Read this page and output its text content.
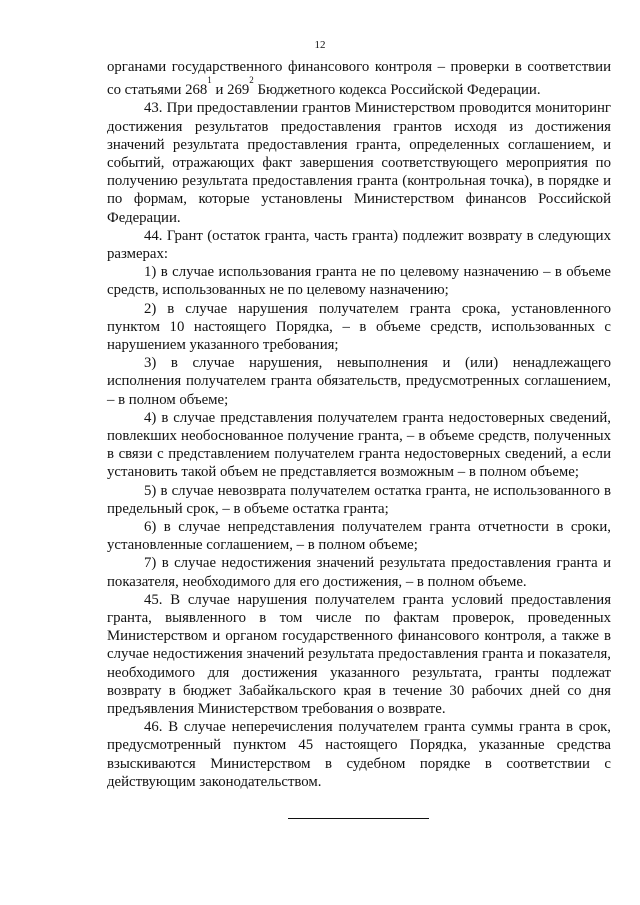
12

органами государственного финансового контроля – проверки в соответствии со статьями 268$^1$ и 269$^2$ Бюджетного кодекса Российской Федерации.

43. При предоставлении грантов Министерством проводится мониторинг достижения результатов предоставления грантов исходя из достижения значений результата предоставления гранта, определенных соглашением, и событий, отражающих факт завершения соответствующего мероприятия по получению результата предоставления гранта (контрольная точка), в порядке и по формам, которые установлены Министерством финансов Российской Федерации.

44. Грант (остаток гранта, часть гранта) подлежит возврату в следующих размерах:

1) в случае использования гранта не по целевому назначению – в объеме средств, использованных не по целевому назначению;

2) в случае нарушения получателем гранта срока, установленного пунктом 10 настоящего Порядка, – в объеме средств, использованных с нарушением указанного требования;

3) в случае нарушения, невыполнения и (или) ненадлежащего исполнения получателем гранта обязательств, предусмотренных соглашением, – в полном объеме;

4) в случае представления получателем гранта недостоверных сведений, повлекших необоснованное получение гранта, – в объеме средств, полученных в связи с представлением получателем гранта недостоверных сведений, а если установить такой объем не представляется возможным – в полном объеме;

5) в случае невозврата получателем остатка гранта, не использованного в предельный срок, – в объеме остатка гранта;

6) в случае непредставления получателем гранта отчетности в сроки, установленные соглашением, – в полном объеме;

7) в случае недостижения значений результата предоставления гранта и показателя, необходимого для его достижения, – в полном объеме.

45. В случае нарушения получателем гранта условий предоставления гранта, выявленного в том числе по фактам проверок, проведенных Министерством и органом государственного финансового контроля, а также в случае недостижения значений результата предоставления гранта и показателя, необходимого для достижения указанного результата, гранты подлежат возврату в бюджет Забайкальского края в течение 30 рабочих дней со дня предъявления Министерством требования о возврате.

46. В случае неперечисления получателем гранта суммы гранта в срок, предусмотренный пунктом 45 настоящего Порядка, указанные средства взыскиваются Министерством в судебном порядке в соответствии с действующим законодательством.
